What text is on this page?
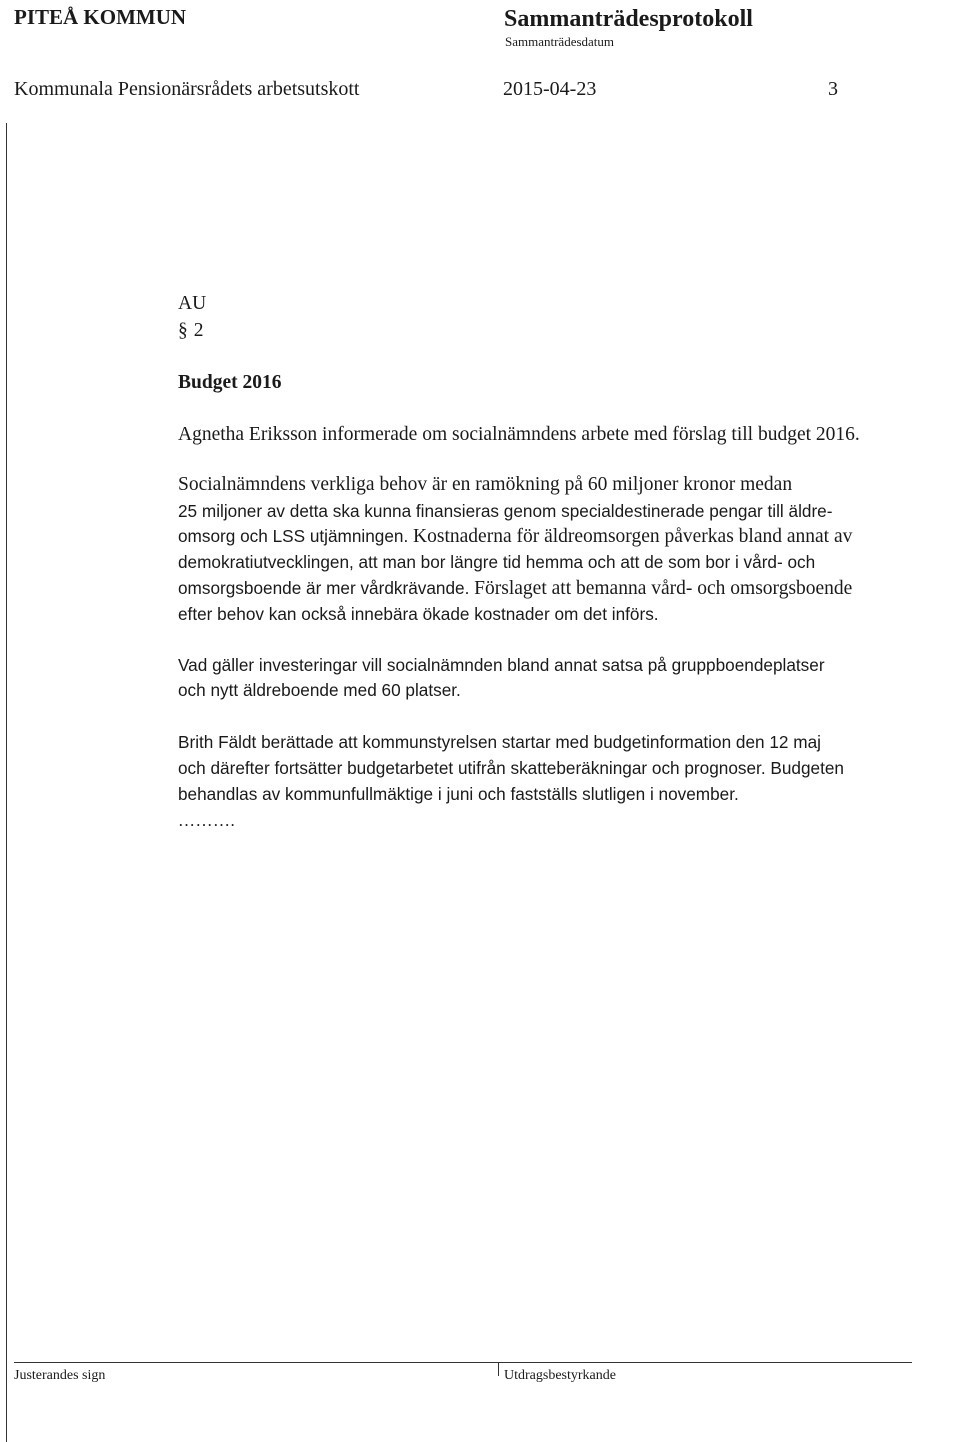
PITEÅ KOMMUN	Sammanträdesprotokoll
Sammanträdesdatum
Kommunala Pensionärsrådets arbetsutskott	2015-04-23	3
AU
§ 2
Budget 2016
Agnetha Eriksson informerade om socialnämndens arbete med förslag till budget 2016.
Socialnämndens verkliga behov är en ramökning på 60 miljoner kronor medan
25 miljoner av detta ska kunna finansieras genom specialdestinerade pengar till äldre-
omsorg och LSS utjämningen. Kostnaderna för äldreomsorgen påverkas bland annat av
demokratiutvecklingen, att man bor längre tid hemma och att de som bor i vård- och
omsorgsboende är mer vårdkrävande. Förslaget att bemanna vård- och omsorgsboende
efter behov kan också innebära ökade kostnader om det införs.
Vad gäller investeringar vill socialnämnden bland annat satsa på gruppboendeplatser
och nytt äldreboende med 60 platser.
Brith Fäldt berättade att kommunstyrelsen startar med budgetinformation den 12 maj
och därefter fortsätter budgetarbetet utifrån skatteberäkningar och prognoser. Budgeten
behandlas av kommunfullmäktige i juni och fastställs slutligen i november.
……….
Justerandes sign	Utdragsbestyrkande
